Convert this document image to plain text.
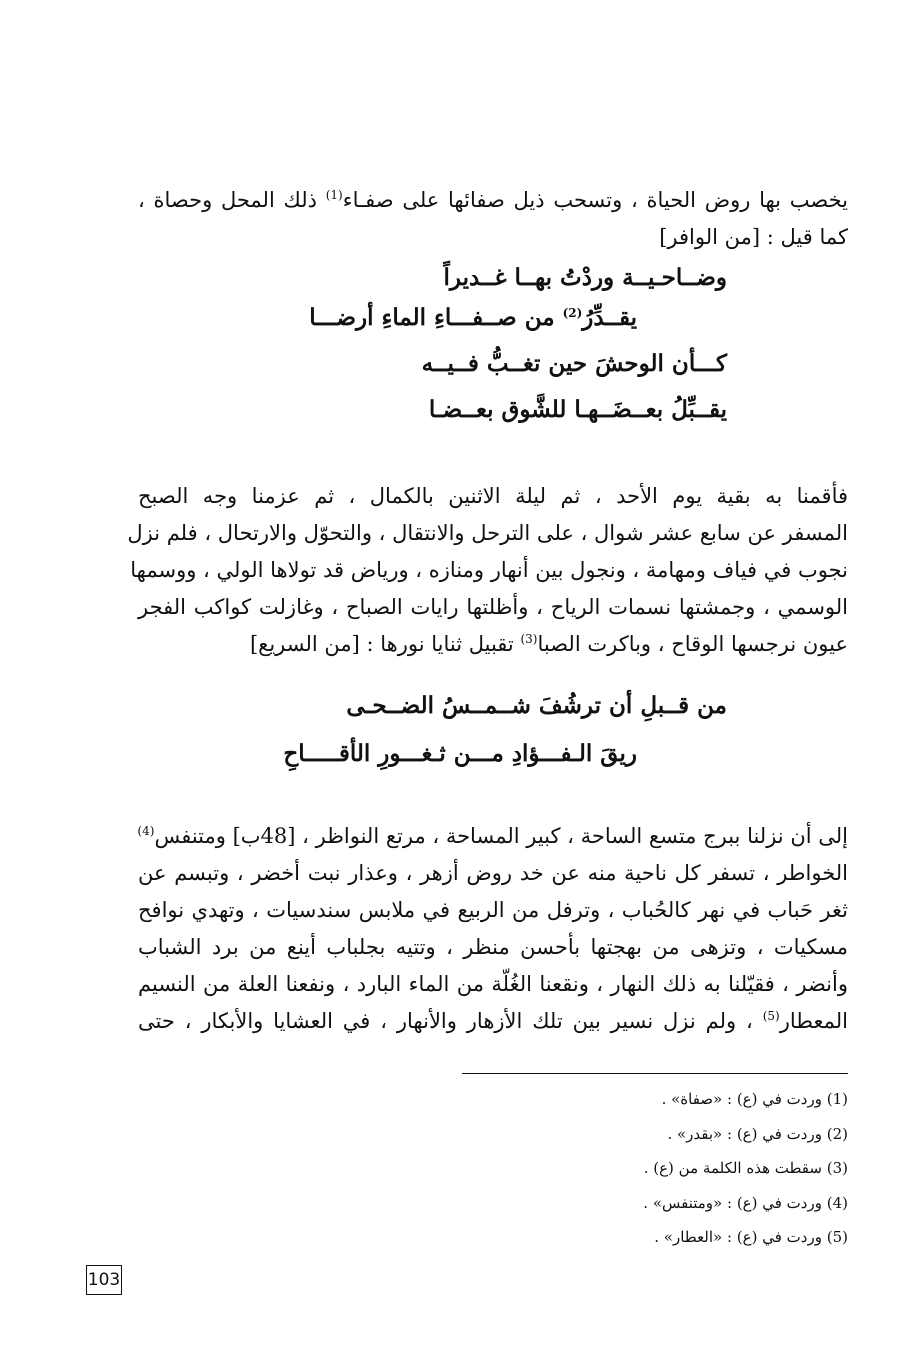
يخصب بها روض الحياة ، وتسحب ذيل صفائها على صفـاء$^{(1)}$ ذلك المحل وحصاة ،
كما قيل : [من الوافر]
وضــاحـيــة وردْتُ بهــا غــديراً
يقــدِّرُ$^{(2)}$ من صــفـــاءِ الماءِ أرضـــا
كـــأن الوحشَ حين تغــبُّ فــيــه
يقــبِّلُ بعــضَــهـا للشَّوق بعــضـا
فأقمنا به بقية يوم الأحد ، ثم ليلة الاثنين بالكمال ، ثم عزمنا وجه الصبح
المسفر عن سابع عشر شوال ، على الترحل والانتقال ، والتحوّل والارتحال ، فلم نزل
نجوب في فياف ومهامة ، ونجول بين أنهار ومنازه ، ورياض قد تولاها الولي ، ووسمها
الوسمي ، وجمشتها نسمات الرياح ، وأظلتها رايات الصباح ، وغازلت كواكب الفجر
عيون نرجسها الوقاح ، وباكرت الصبا$^{(3)}$ تقبيل ثنايا نورها : [من السريع]
من قــبلِ أن ترشُفَ شــمــسُ الضــحـى
ريقَ الـفـــؤادِ مـــن ثـغـــورِ الأقـــــاحِ
إلى أن نزلنا ببرج متسع الساحة ، كبير المساحة ، مرتع النواظر ، [48ب] ومتنفس$^{(4)}$
الخواطر ، تسفر كل ناحية منه عن خد روض أزهر ، وعذار نبت أخضر ، وتبسم عن
ثغر حَباب في نهر كالحُباب ، وترفل من الربيع في ملابس سندسيات ، وتهدي نوافح
مسكيات ، وتزهى من بهجتها بأحسن منظر ، وتتيه بجلباب أينع من برد الشباب
وأنضر ، فقيّلنا به ذلك النهار ، ونقعنا الغُلّة من الماء البارد ، ونفعنا العلة من النسيم
المعطار$^{(5)}$ ، ولم نزل نسير بين تلك الأزهار والأنهار ، في العشايا والأبكار ، حتى
(1) وردت في (ع) : «صفاة» .
(2) وردت في (ع) : «بقدر» .
(3) سقطت هذه الكلمة من (ع) .
(4) وردت في (ع) : «ومتنفس» .
(5) وردت في (ع) : «العطار» .
103
